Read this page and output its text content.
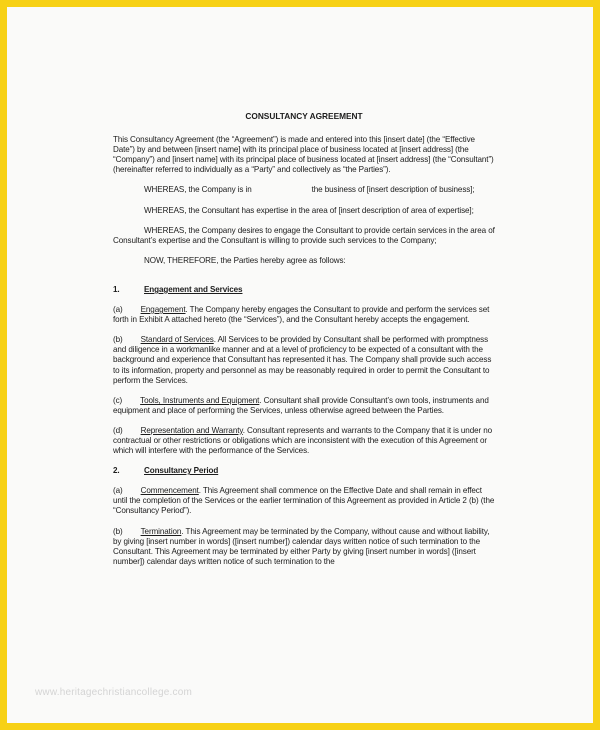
CONSULTANCY AGREEMENT

This Consultancy Agreement (the “Agreement”) is made and entered into this [insert date] (the “Effective Date”) by and between [insert name] with its principal place of business located at [insert address] (the “Company”) and [insert name] with its principal place of business located at [insert address] (the “Consultant”) (hereinafter referred to individually as a “Party” and collectively as “the Parties”).

WHEREAS, the Company is in	the business of [insert description of business];

WHEREAS, the Consultant has expertise in the area of [insert description of area of expertise];

WHEREAS, the Company desires to engage the Consultant to provide certain services in the area of Consultant’s expertise and the Consultant is willing to provide such services to the Company;

NOW, THEREFORE, the Parties hereby agree as follows:

1.	Engagement and Services

(a) Engagement. The Company hereby engages the Consultant to provide and perform the services set forth in Exhibit A attached hereto (the “Services”), and the Consultant hereby accepts the engagement.

(b) Standard of Services. All Services to be provided by Consultant shall be performed with promptness and diligence in a workmanlike manner and at a level of proficiency to be expected of a consultant with the background and experience that Consultant has represented it has. The Company shall provide such access to its information, property and personnel as may be reasonably required in order to permit the Consultant to perform the Services.

(c) Tools, Instruments and Equipment. Consultant shall provide Consultant’s own tools, instruments and equipment and place of performing the Services, unless otherwise agreed between the Parties.

(d) Representation and Warranty. Consultant represents and warrants to the Company that it is under no contractual or other restrictions or obligations which are inconsistent with the execution of this Agreement or which will interfere with the performance of the Services.

2.	Consultancy Period

(a) Commencement. This Agreement shall commence on the Effective Date and shall remain in effect until the completion of the Services or the earlier termination of this Agreement as provided in Article 2 (b) (the “Consultancy Period”).

(b) Termination. This Agreement may be terminated by the Company, without cause and without liability, by giving [insert number in words] ([insert number]) calendar days written notice of such termination to the Consultant. This Agreement may be terminated by either Party by giving [insert number in words] ([insert number]) calendar days written notice of such termination to the

www.heritagechristiancollege.com
